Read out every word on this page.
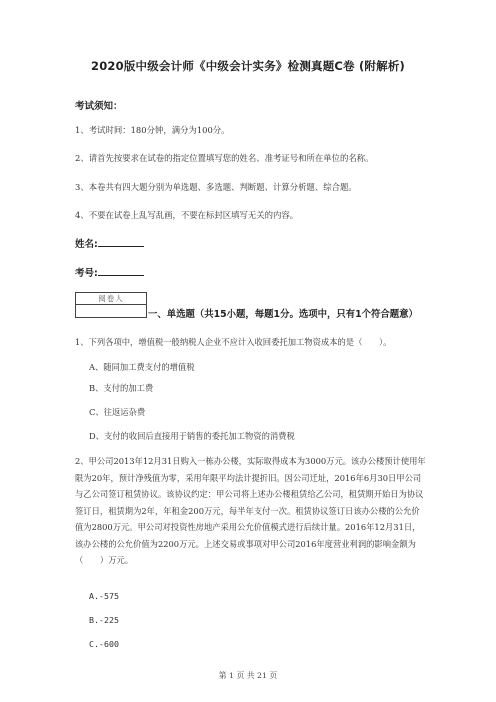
2020版中级会计师《中级会计实务》检测真题C卷 (附解析)
考试须知：
1、考试时间：180分钟，满分为100分。
2、请首先按要求在试卷的指定位置填写您的姓名、准考证号和所在单位的名称。
3、本卷共有四大题分别为单选题、多选题、判断题、计算分析题、综合题。
4、不要在试卷上乱写乱画，不要在标封区填写无关的内容。
姓名:
考号:
阅卷人
一、单选题（共15小题，每题1分。选项中，只有1个符合题意）
1、下列各项中，增值税一般纳税人企业不应计入收回委托加工物资成本的是（　　）。
A、随同加工费支付的增值税
B、支付的加工费
C、往返运杂费
D、支付的收回后直接用于销售的委托加工物资的消费税
2、甲公司2013年12月31日购入一栋办公楼，实际取得成本为3000万元。该办公楼预计使用年限为20年，预计净残值为零，采用年限平均法计提折旧。因公司迁址，2016年6月30日甲公司与乙公司签订租赁协议。该协议约定：甲公司将上述办公楼租赁给乙公司，租赁期开始日为协议签订日，租赁期为2年，年租金200万元，每半年支付一次。租赁协议签订日该办公楼的公允价值为2800万元。甲公司对投资性房地产采用公允价值模式进行后续计量。2016年12月31日，该办公楼的公允价值为2200万元。上述交易或事项对甲公司2016年度营业利润的影响金额为（　　）万元。
A.-575
B.-225
C.-600
第 1 页 共 21 页
